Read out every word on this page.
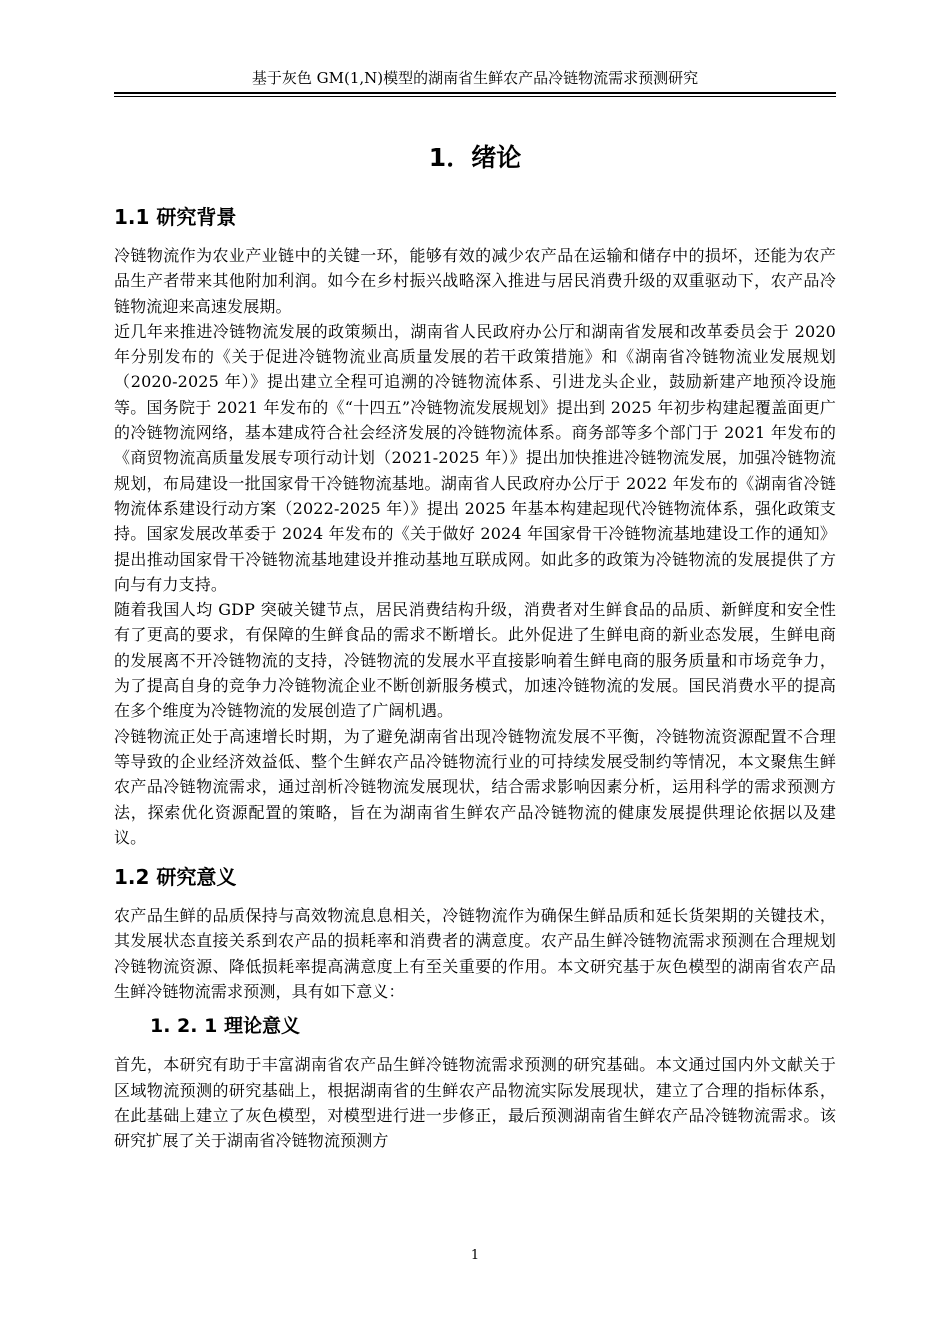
基于灰色 GM(1,N)模型的湖南省生鲜农产品冷链物流需求预测研究
1．绪论
1.1 研究背景

冷链物流作为农业产业链中的关键一环，能够有效的减少农产品在运输和储存中的损坏，还能为农产品生产者带来其他附加利润。如今在乡村振兴战略深入推进与居民消费升级的双重驱动下，农产品冷链物流迎来高速发展期。

近几年来推进冷链物流发展的政策频出，湖南省人民政府办公厅和湖南省发展和改革委员会于 2020 年分别发布的《关于促进冷链物流业高质量发展的若干政策措施》和《湖南省冷链物流业发展规划（2020-2025 年）》提出建立全程可追溯的冷链物流体系、引进龙头企业，鼓励新建产地预冷设施等。国务院于 2021 年发布的《“十四五”冷链物流发展规划》提出到 2025 年初步构建起覆盖面更广的冷链物流网络，基本建成符合社会经济发展的冷链物流体系。商务部等多个部门于 2021 年发布的《商贸物流高质量发展专项行动计划（2021-2025 年）》提出加快推进冷链物流发展，加强冷链物流规划，布局建设一批国家骨干冷链物流基地。湖南省人民政府办公厅于 2022 年发布的《湖南省冷链物流体系建设行动方案（2022-2025 年）》提出 2025 年基本构建起现代冷链物流体系，强化政策支持。国家发展改革委于 2024 年发布的《关于做好 2024 年国家骨干冷链物流基地建设工作的通知》提出推动国家骨干冷链物流基地建设并推动基地互联成网。如此多的政策为冷链物流的发展提供了方向与有力支持。

随着我国人均 GDP 突破关键节点，居民消费结构升级，消费者对生鲜食品的品质、新鲜度和安全性有了更高的要求，有保障的生鲜食品的需求不断增长。此外促进了生鲜电商的新业态发展，生鲜电商的发展离不开冷链物流的支持，冷链物流的发展水平直接影响着生鲜电商的服务质量和市场竞争力，为了提高自身的竞争力冷链物流企业不断创新服务模式，加速冷链物流的发展。国民消费水平的提高在多个维度为冷链物流的发展创造了广阔机遇。

冷链物流正处于高速增长时期，为了避免湖南省出现冷链物流发展不平衡，冷链物流资源配置不合理等导致的企业经济效益低、整个生鲜农产品冷链物流行业的可持续发展受制约等情况，本文聚焦生鲜农产品冷链物流需求，通过剖析冷链物流发展现状，结合需求影响因素分析，运用科学的需求预测方法，探索优化资源配置的策略，旨在为湖南省生鲜农产品冷链物流的健康发展提供理论依据以及建议。

1.2 研究意义

农产品生鲜的品质保持与高效物流息息相关，冷链物流作为确保生鲜品质和延长货架期的关键技术，其发展状态直接关系到农产品的损耗率和消费者的满意度。农产品生鲜冷链物流需求预测在合理规划冷链物流资源、降低损耗率提高满意度上有至关重要的作用。本文研究基于灰色模型的湖南省农产品生鲜冷链物流需求预测，具有如下意义：

1. 2. 1 理论意义

首先，本研究有助于丰富湖南省农产品生鲜冷链物流需求预测的研究基础。本文通过国内外文献关于区域物流预测的研究基础上，根据湖南省的生鲜农产品物流实际发展现状，建立了合理的指标体系，在此基础上建立了灰色模型，对模型进行进一步修正，最后预测湖南省生鲜农产品冷链物流需求。该研究扩展了关于湖南省冷链物流预测方

1
